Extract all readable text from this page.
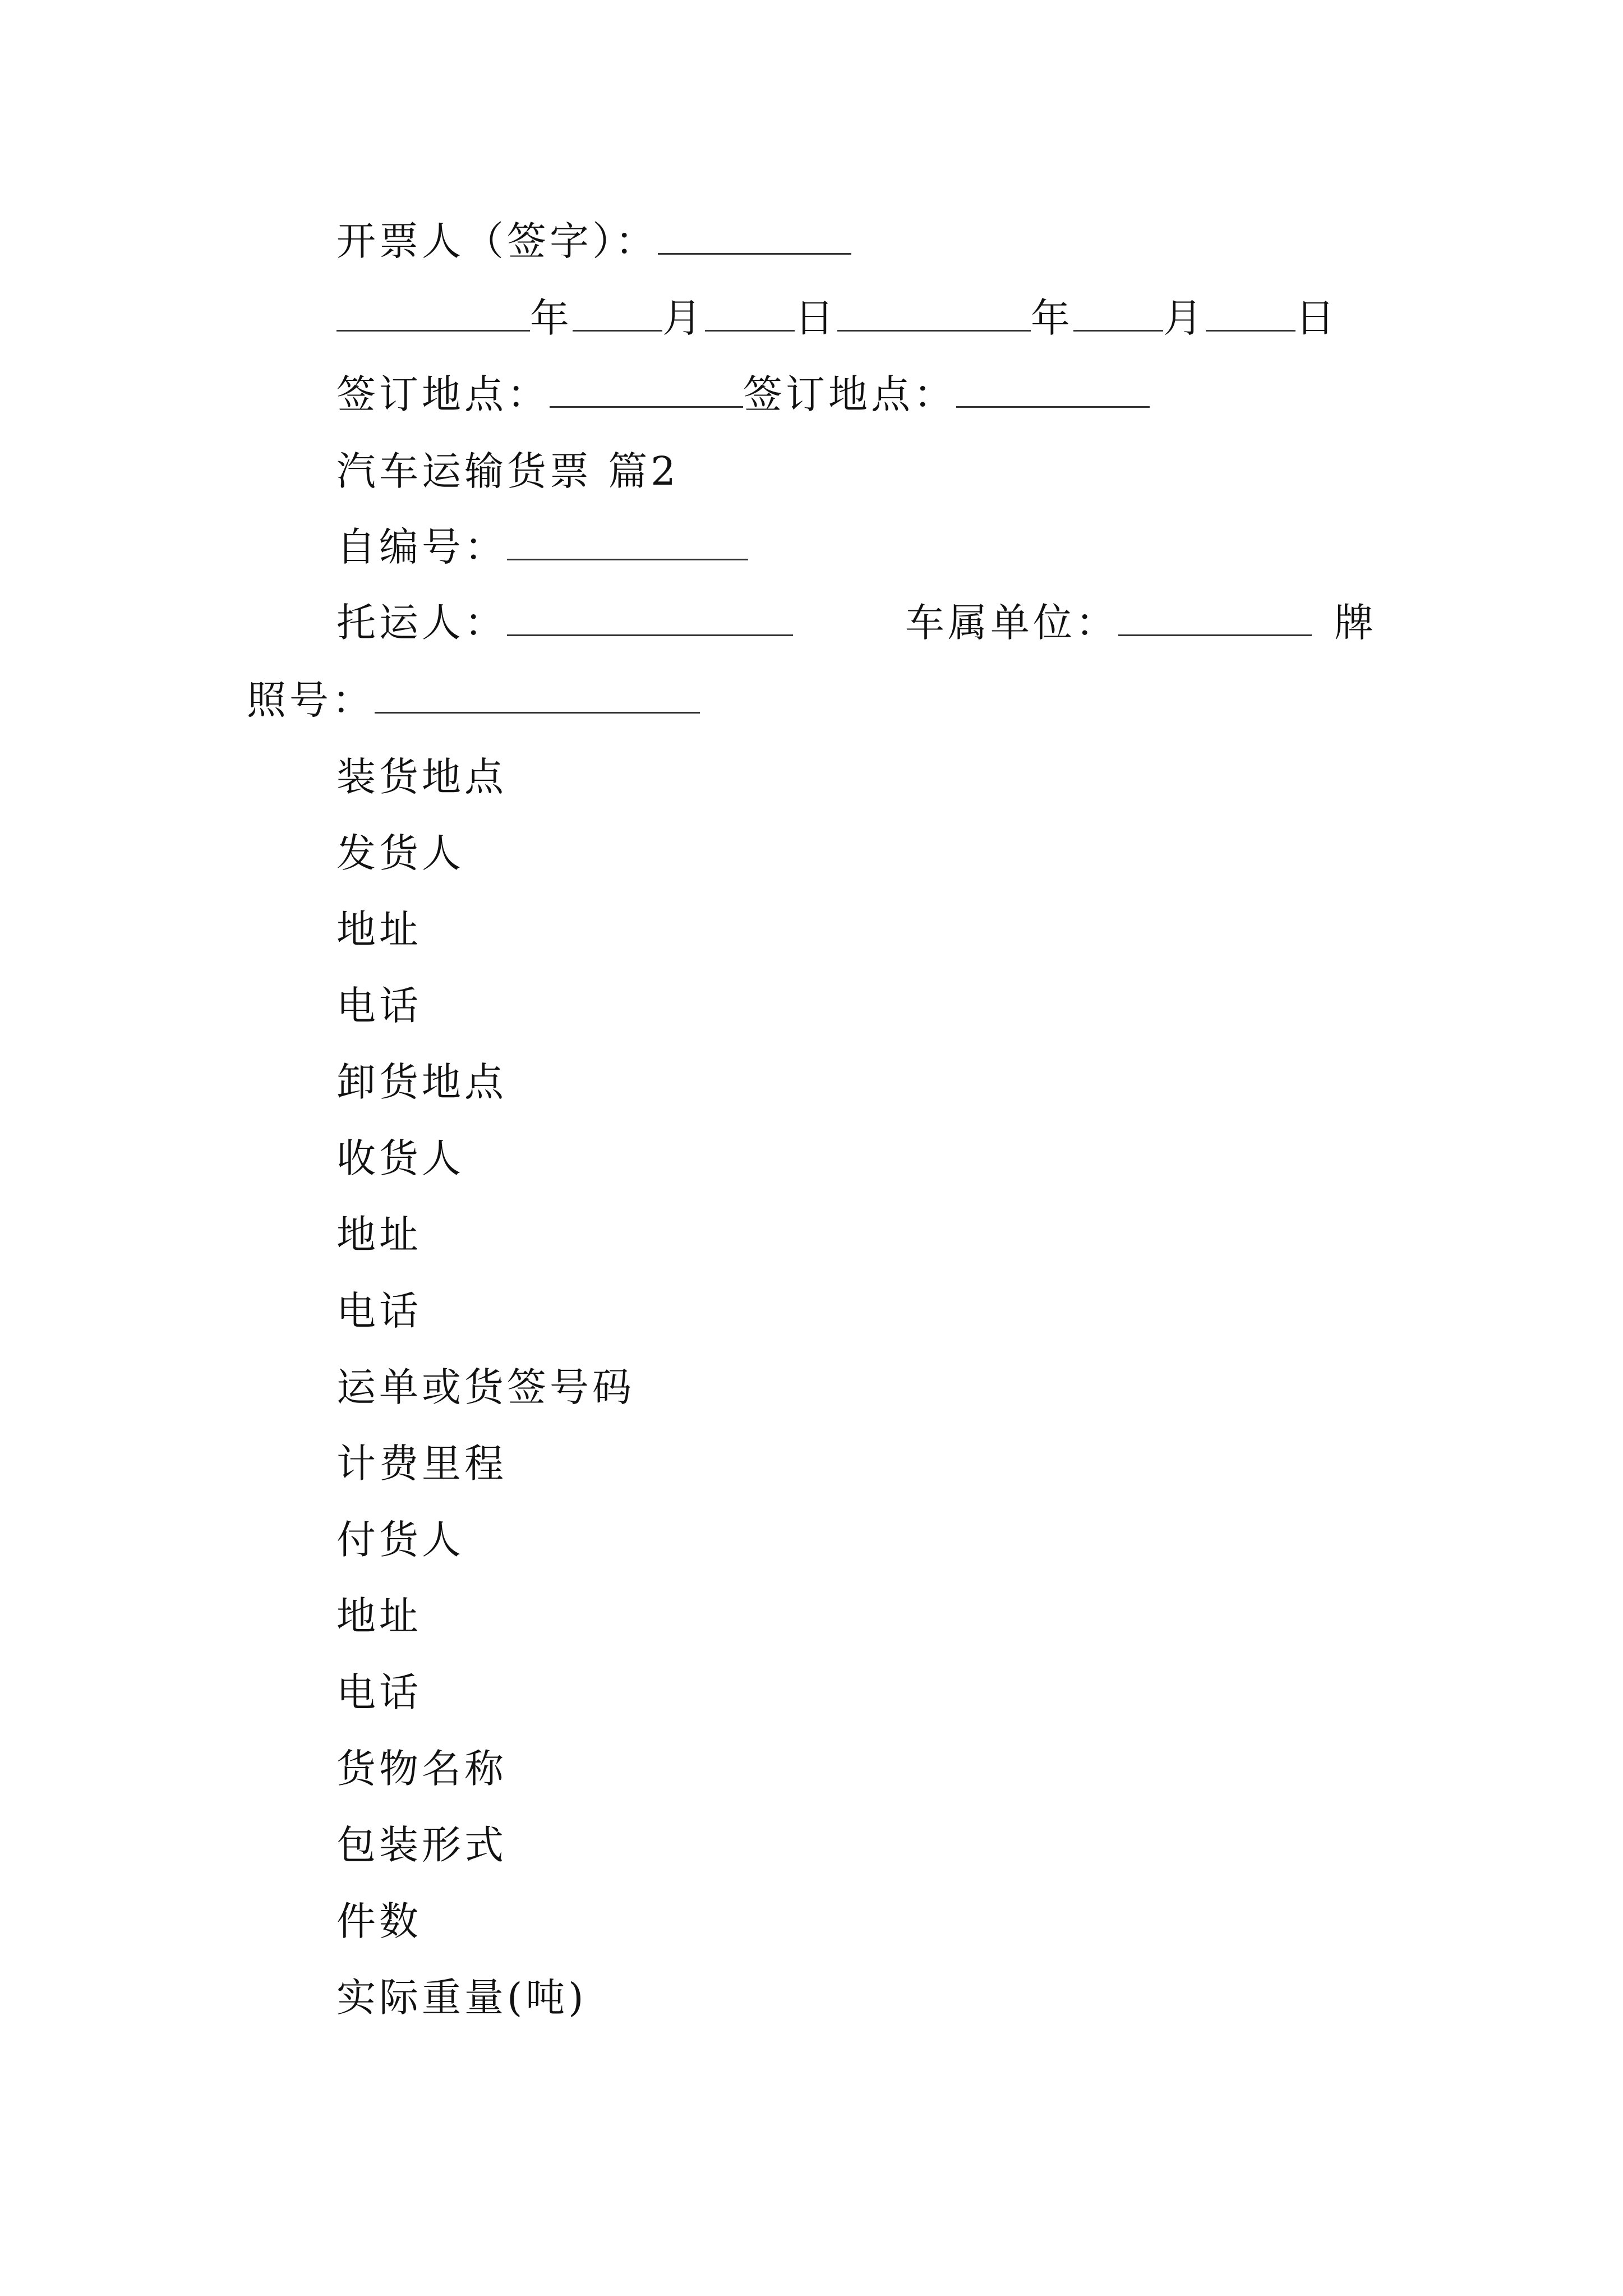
开票人（签字）：
年 月 日	年 月 日
签订地点：	签订地点：
汽车运输货票 篇2
自编号：
托运人：	车属单位：	牌
照号：
装货地点
发货人
地址
电话
卸货地点
收货人
地址
电话
运单或货签号码
计费里程
付货人
地址
电话
货物名称
包装形式
件数
实际重量(吨)
